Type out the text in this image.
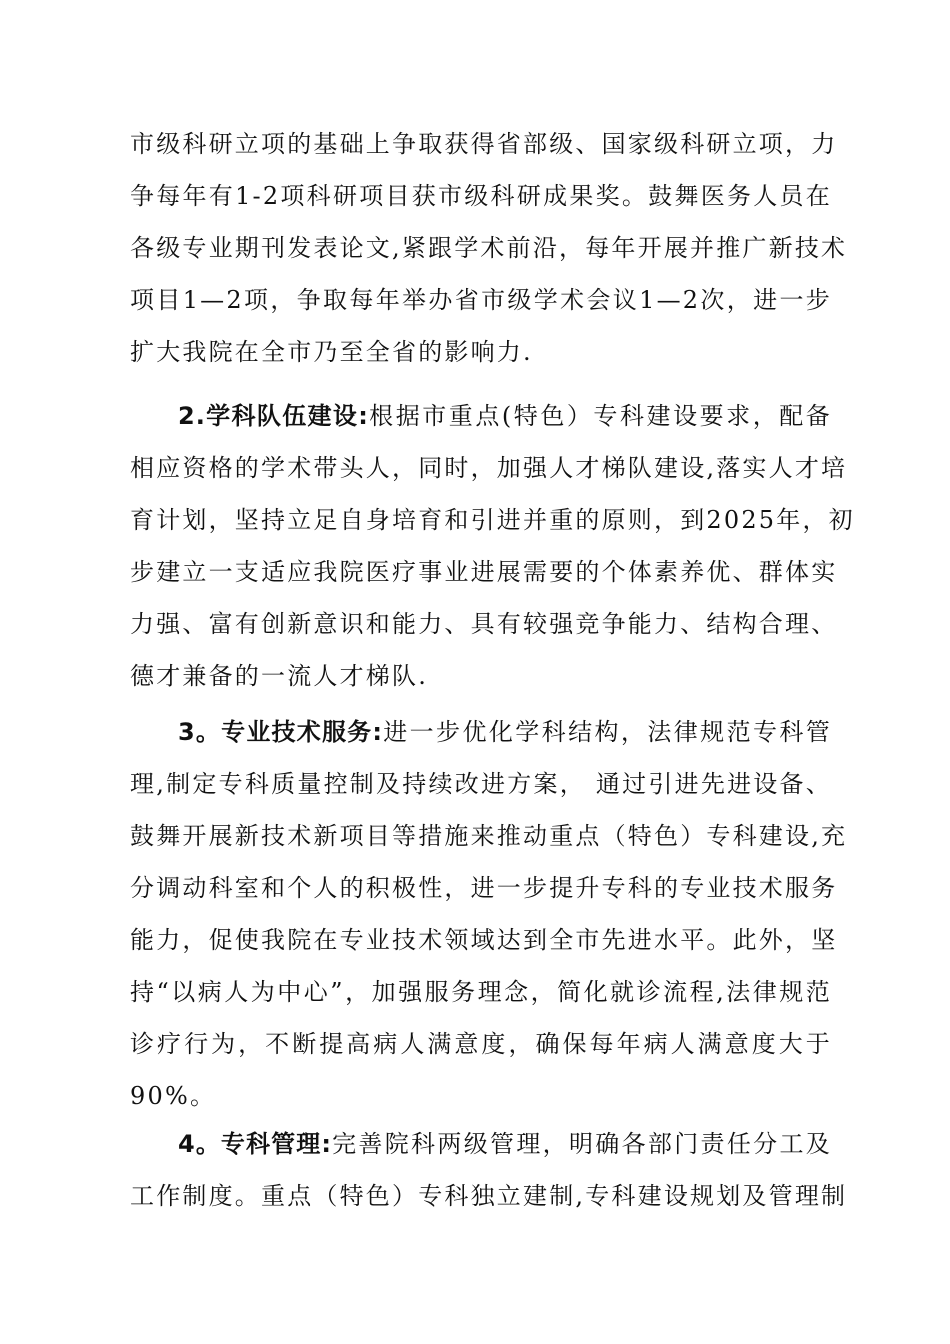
市级科研立项的基础上争取获得省部级、国家级科研立项，力
争每年有1-2项科研项目获市级科研成果奖。鼓舞医务人员在
各级专业期刊发表论文,紧跟学术前沿，每年开展并推广新技术
项目1—2项，争取每年举办省市级学术会议1—2次，进一步
扩大我院在全市乃至全省的影响力.
2.学科队伍建设:根据市重点(特色）专科建设要求，配备
相应资格的学术带头人，同时，加强人才梯队建设,落实人才培
育计划，坚持立足自身培育和引进并重的原则，到2025年，初
步建立一支适应我院医疗事业进展需要的个体素养优、群体实
力强、富有创新意识和能力、具有较强竞争能力、结构合理、
德才兼备的一流人才梯队.
3。专业技术服务:进一步优化学科结构，法律规范专科管
理,制定专科质量控制及持续改进方案， 通过引进先进设备、
鼓舞开展新技术新项目等措施来推动重点（特色）专科建设,充
分调动科室和个人的积极性，进一步提升专科的专业技术服务
能力，促使我院在专业技术领域达到全市先进水平。此外，坚
持“以病人为中心”，加强服务理念，简化就诊流程,法律规范
诊疗行为，不断提高病人满意度，确保每年病人满意度大于
90%。
4。专科管理:完善院科两级管理，明确各部门责任分工及
工作制度。重点（特色）专科独立建制,专科建设规划及管理制
